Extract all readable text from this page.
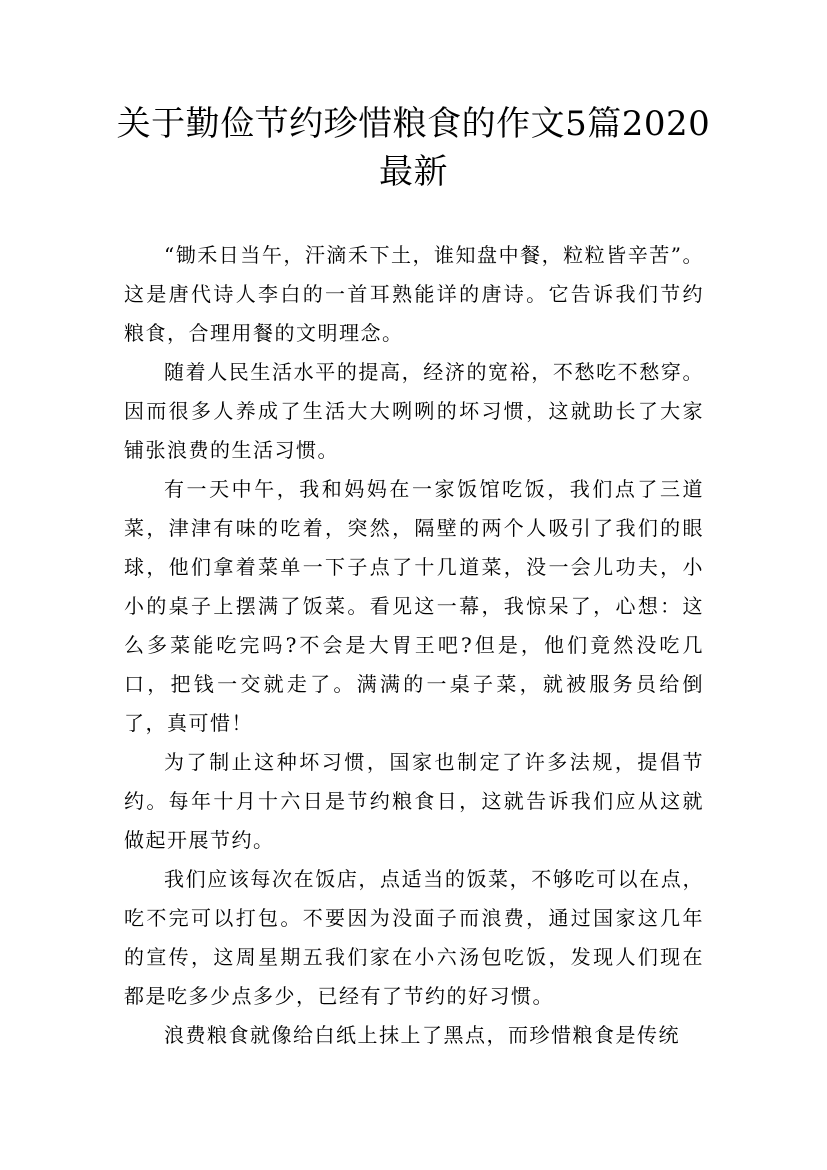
关于勤俭节约珍惜粮食的作文5篇2020最新

“锄禾日当午，汗滴禾下土，谁知盘中餐，粒粒皆辛苦”。这是唐代诗人李白的一首耳熟能详的唐诗。它告诉我们节约粮食，合理用餐的文明理念。

随着人民生活水平的提高，经济的宽裕，不愁吃不愁穿。因而很多人养成了生活大大咧咧的坏习惯，这就助长了大家铺张浪费的生活习惯。

有一天中午，我和妈妈在一家饭馆吃饭，我们点了三道菜，津津有味的吃着，突然，隔壁的两个人吸引了我们的眼球，他们拿着菜单一下子点了十几道菜，没一会儿功夫，小小的桌子上摆满了饭菜。看见这一幕，我惊呆了，心想：这么多菜能吃完吗?不会是大胃王吧?但是，他们竟然没吃几口，把钱一交就走了。满满的一桌子菜，就被服务员给倒了，真可惜！

为了制止这种坏习惯，国家也制定了许多法规，提倡节约。每年十月十六日是节约粮食日，这就告诉我们应从这就做起开展节约。

我们应该每次在饭店，点适当的饭菜，不够吃可以在点，吃不完可以打包。不要因为没面子而浪费，通过国家这几年的宣传，这周星期五我们家在小六汤包吃饭，发现人们现在都是吃多少点多少，已经有了节约的好习惯。

浪费粮食就像给白纸上抹上了黑点，而珍惜粮食是传统
